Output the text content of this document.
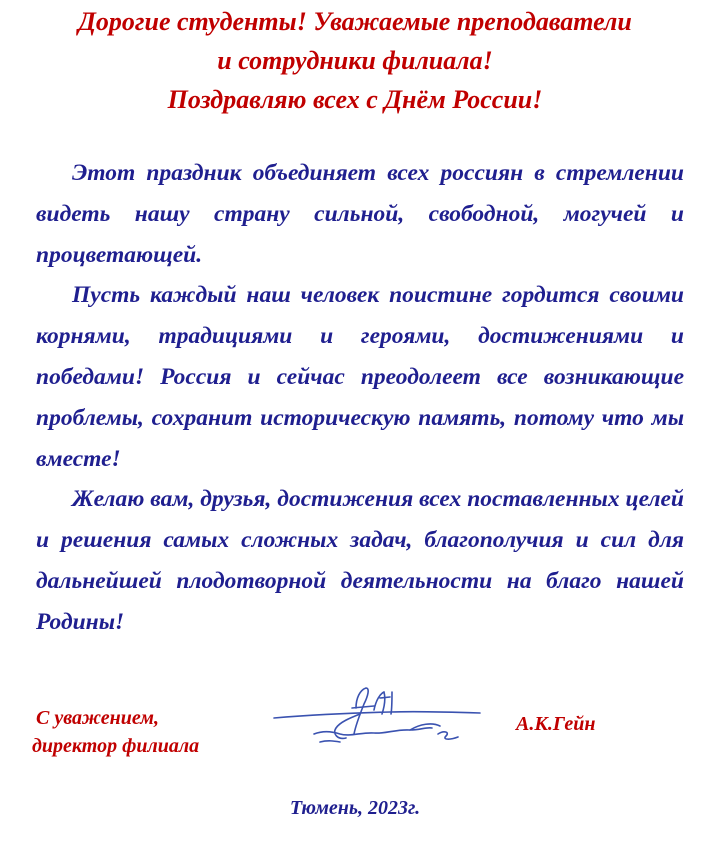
Дорогие студенты! Уважаемые преподаватели
и сотрудники филиала!
Поздравляю всех с Днём России!

Этот праздник объединяет всех россиян в стремлении видеть нашу страну сильной, свободной, могучей и процветающей.

Пусть каждый наш человек поистине гордится своими корнями, традициями и героями, достижениями и победами! Россия и сейчас преодолеет все возникающие проблемы, сохранит историческую память, потому что мы вместе!

Желаю вам, друзья, достижения всех поставленных целей и решения самых сложных задач, благополучия и сил для дальнейшей плодотворной деятельности на благо нашей Родины!

С уважением,
директор филиала
А.К.Гейн
Тюмень, 2023г.
